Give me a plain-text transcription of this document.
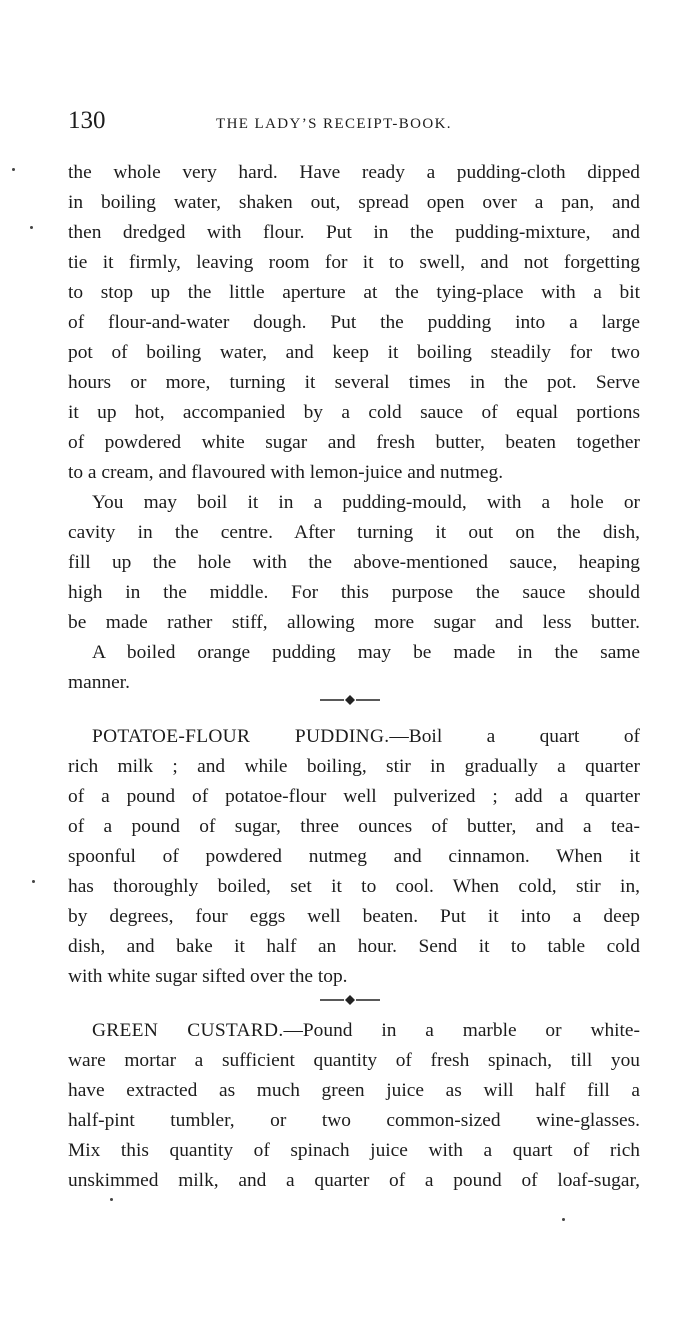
130	THE LADY’S RECEIPT-BOOK.
the whole very hard. Have ready a pudding-cloth dipped
in boiling water, shaken out, spread open over a pan, and
then dredged with flour. Put in the pudding-mixture, and
tie it firmly, leaving room for it to swell, and not forgetting
to stop up the little aperture at the tying-place with a bit
of flour-and-water dough. Put the pudding into a large
pot of boiling water, and keep it boiling steadily for two
hours or more, turning it several times in the pot. Serve
it up hot, accompanied by a cold sauce of equal portions
of powdered white sugar and fresh butter, beaten together
to a cream, and flavoured with lemon-juice and nutmeg.
You may boil it in a pudding-mould, with a hole or
cavity in the centre. After turning it out on the dish,
fill up the hole with the above-mentioned sauce, heaping
high in the middle. For this purpose the sauce should
be made rather stiff, allowing more sugar and less butter.
A boiled orange pudding may be made in the same
manner.
POTATOE-FLOUR PUDDING.—Boil a quart of
rich milk ; and while boiling, stir in gradually a quarter
of a pound of potatoe-flour well pulverized ; add a quarter
of a pound of sugar, three ounces of butter, and a tea-
spoonful of powdered nutmeg and cinnamon. When it
has thoroughly boiled, set it to cool. When cold, stir in,
by degrees, four eggs well beaten. Put it into a deep
dish, and bake it half an hour. Send it to table cold
with white sugar sifted over the top.
GREEN CUSTARD.—Pound in a marble or white-
ware mortar a sufficient quantity of fresh spinach, till you
have extracted as much green juice as will half fill a
half-pint tumbler, or two common-sized wine-glasses.
Mix this quantity of spinach juice with a quart of rich
unskimmed milk, and a quarter of a pound of loaf-sugar,
